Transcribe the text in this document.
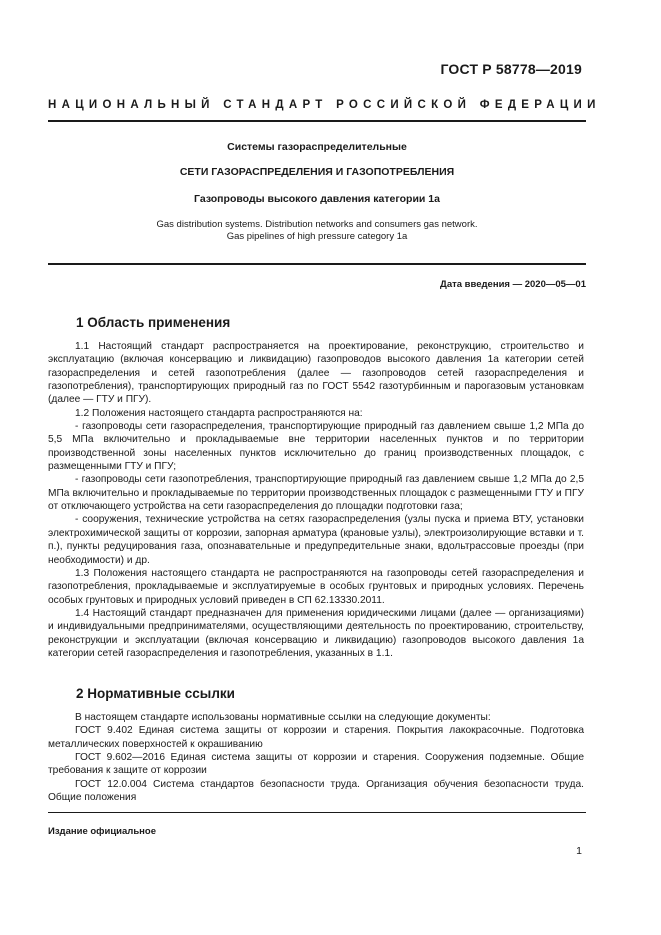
ГОСТ Р 58778—2019
НАЦИОНАЛЬНЫЙ СТАНДАРТ РОССИЙСКОЙ ФЕДЕРАЦИИ
Системы газораспределительные
СЕТИ ГАЗОРАСПРЕДЕЛЕНИЯ И ГАЗОПОТРЕБЛЕНИЯ
Газопроводы высокого давления категории 1а
Gas distribution systems. Distribution networks and consumers gas network.
Gas pipelines of high pressure category 1a
Дата введения — 2020—05—01
1 Область применения

1.1 Настоящий стандарт распространяется на проектирование, реконструкцию, строительство и эксплуатацию (включая консервацию и ликвидацию) газопроводов высокого давления 1а категории сетей газораспределения и сетей газопотребления (далее — газопроводов сетей газораспределения и газопотребления), транспортирующих природный газ по ГОСТ 5542 газотурбинным и парогазовым установкам (далее — ГТУ и ПГУ).

1.2 Положения настоящего стандарта распространяются на:

- газопроводы сети газораспределения, транспортирующие природный газ давлением свыше 1,2 МПа до 5,5 МПа включительно и прокладываемые вне территории населенных пунктов и по территории производственной зоны населенных пунктов исключительно до границ производственных площадок, с размещенными ГТУ и ПГУ;

- газопроводы сети газопотребления, транспортирующие природный газ давлением свыше 1,2 МПа до 2,5 МПа включительно и прокладываемые по территории производственных площадок с размещенными ГТУ и ПГУ от отключающего устройства на сети газораспределения до площадки подготовки газа;

- сооружения, технические устройства на сетях газораспределения (узлы пуска и приема ВТУ, установки электрохимической защиты от коррозии, запорная арматура (крановые узлы), электроизолирующие вставки и т. п.), пункты редуцирования газа, опознавательные и предупредительные знаки, вдольтрассовые проезды (при необходимости) и др.

1.3 Положения настоящего стандарта не распространяются на газопроводы сетей газораспределения и газопотребления, прокладываемые и эксплуатируемые в особых грунтовых и природных условиях. Перечень особых грунтовых и природных условий приведен в СП 62.13330.2011.

1.4 Настоящий стандарт предназначен для применения юридическими лицами (далее — организациями) и индивидуальными предпринимателями, осуществляющими деятельность по проектированию, строительству, реконструкции и эксплуатации (включая консервацию и ликвидацию) газопроводов высокого давления 1а категории сетей газораспределения и газопотребления, указанных в 1.1.

2 Нормативные ссылки

В настоящем стандарте использованы нормативные ссылки на следующие документы:

ГОСТ 9.402 Единая система защиты от коррозии и старения. Покрытия лакокрасочные. Подготовка металлических поверхностей к окрашиванию

ГОСТ 9.602—2016 Единая система защиты от коррозии и старения. Сооружения подземные. Общие требования к защите от коррозии

ГОСТ 12.0.004 Система стандартов безопасности труда. Организация обучения безопасности труда. Общие положения

Издание официальное
1
